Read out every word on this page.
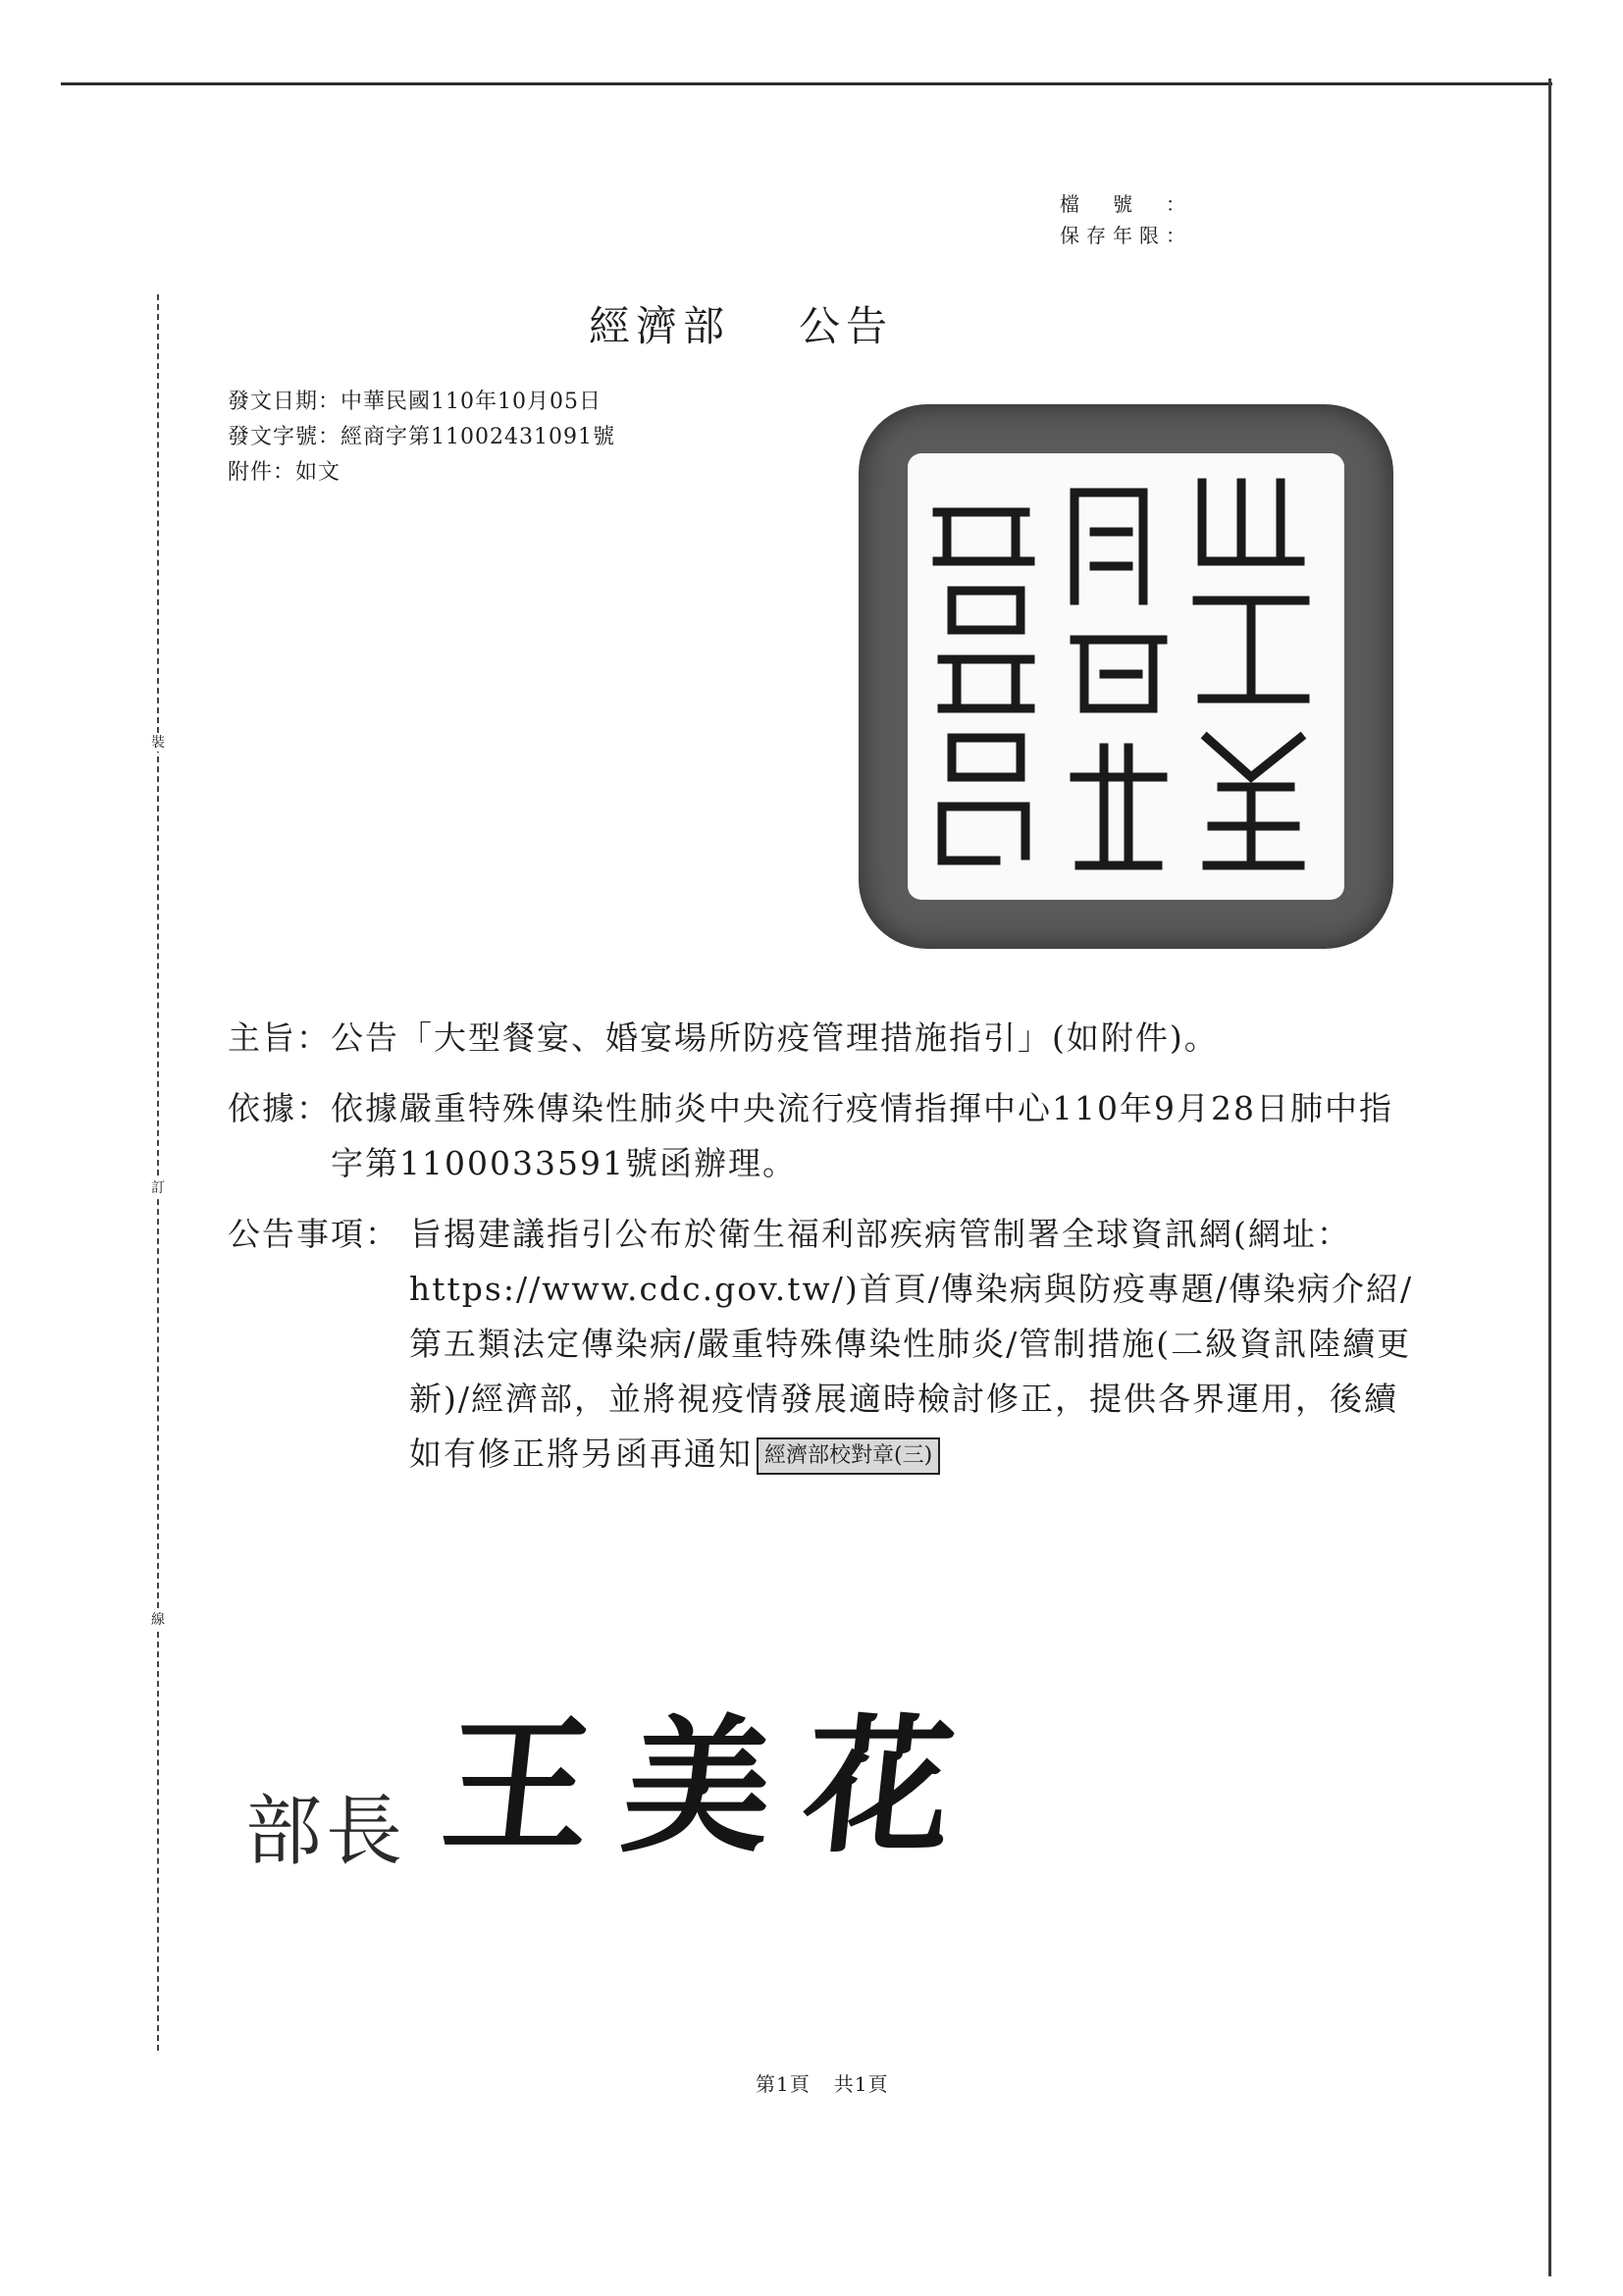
裝
訂
線
檔號：
保存年限：
經濟部 公告
發文日期：中華民國110年10月05日
發文字號：經商字第11002431091號
附件：如文
主旨： 公告「大型餐宴、婚宴場所防疫管理措施指引」(如附件)。
依據： 依據嚴重特殊傳染性肺炎中央流行疫情指揮中心110年9月28日肺中指字第1100033591號函辦理。
公告事項： 旨揭建議指引公布於衛生福利部疾病管制署全球資訊網(網址：https://www.cdc.gov.tw/)首頁/傳染病與防疫專題/傳染病介紹/第五類法定傳染病/嚴重特殊傳染性肺炎/管制措施(二級資訊陸續更新)/經濟部，並將視疫情發展適時檢討修正，提供各界運用，後續如有修正將另函再通知 經濟部校對章(三)
部長 王美花
第1頁 共1頁
